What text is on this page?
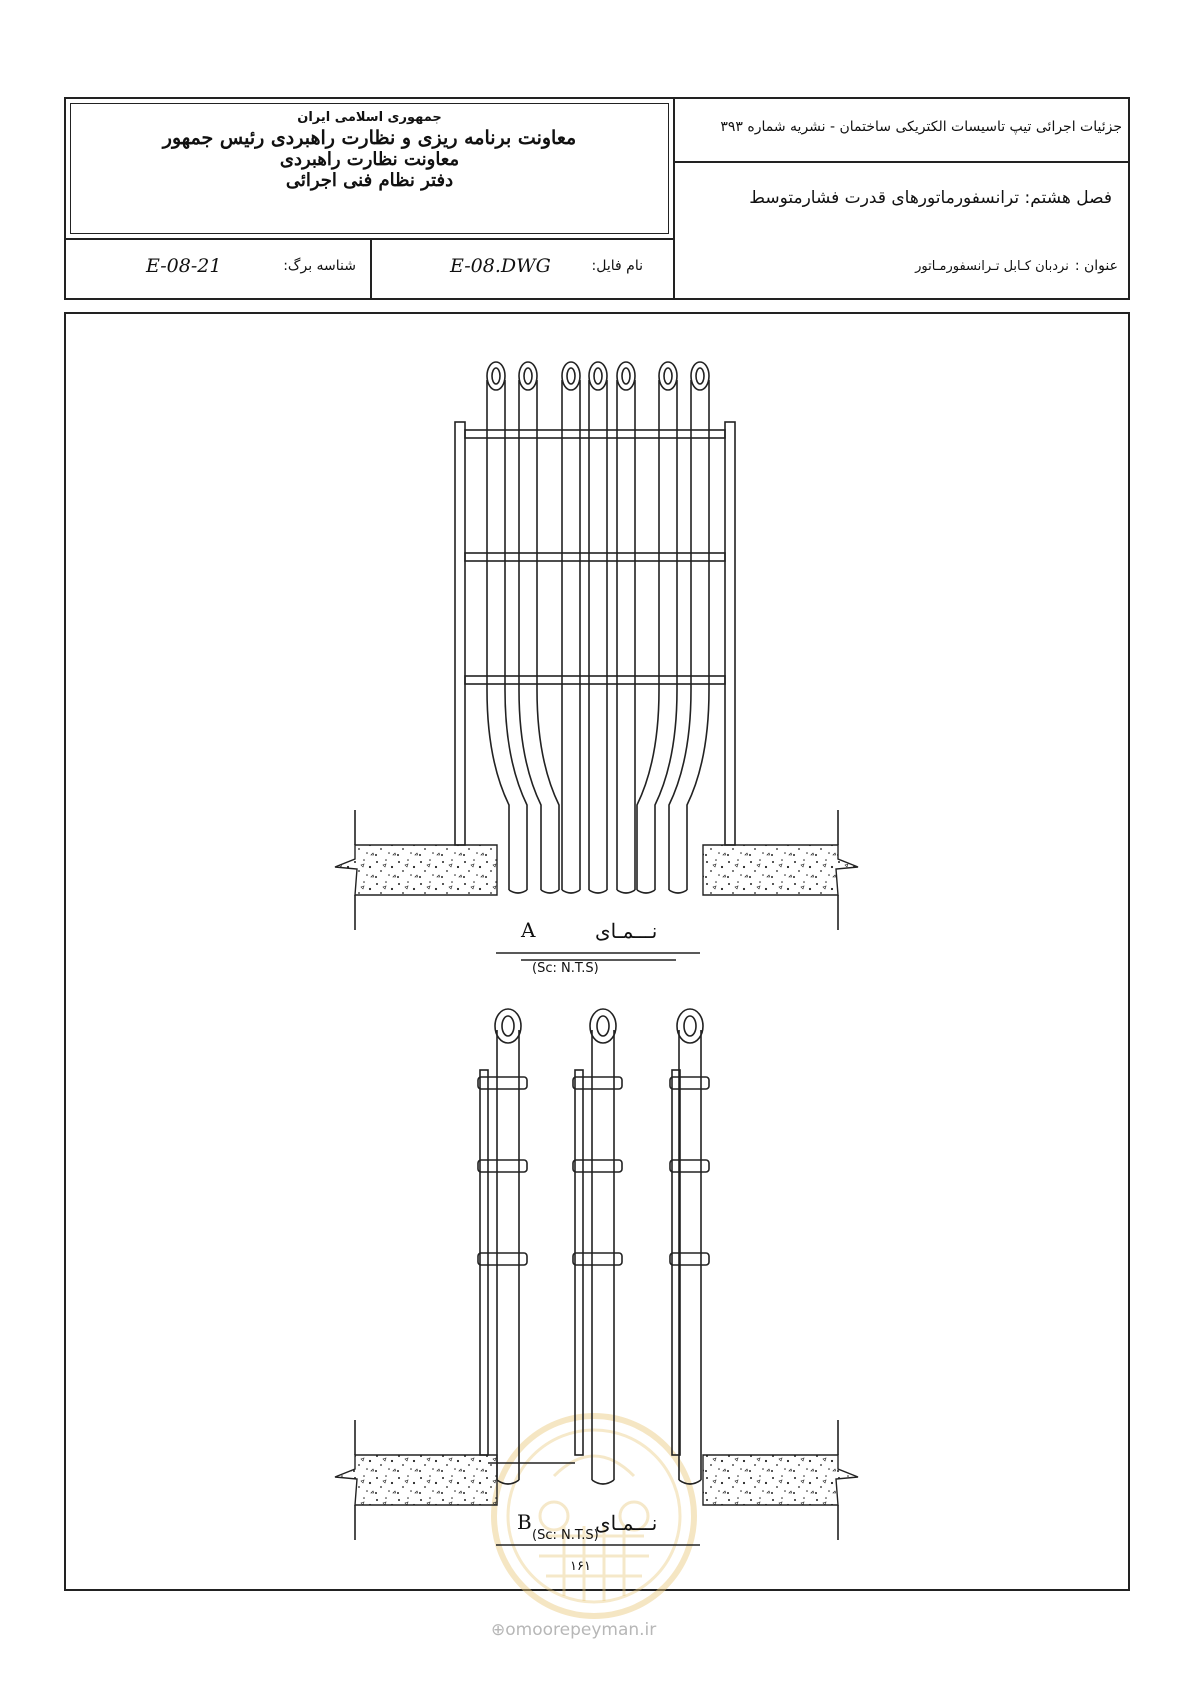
جمهوری اسلامی ایران
معاونت برنامه ریزی و نظارت راهبردی رئیس جمهور
معاونت نظارت راهبردی
دفتر نظام فنی اجرائی
جزئیات اجرائی تیپ تاسیسات الکتریکی ساختمان - نشریه شماره ۳۹۳
فصل هشتم: ترانسفورماتورهای قدرت فشارمتوسط
E-08-21	شناسه برگ:	E-08.DWG	نام فایل:	عنوان :نردبان کـابل تـرانسفورمـاتور
نـــمـای
A
(Sc: N.T.S)
نـــمـای
B
(Sc: N.T.S)
۱۶۱
⊕omoorepeyman.ir
